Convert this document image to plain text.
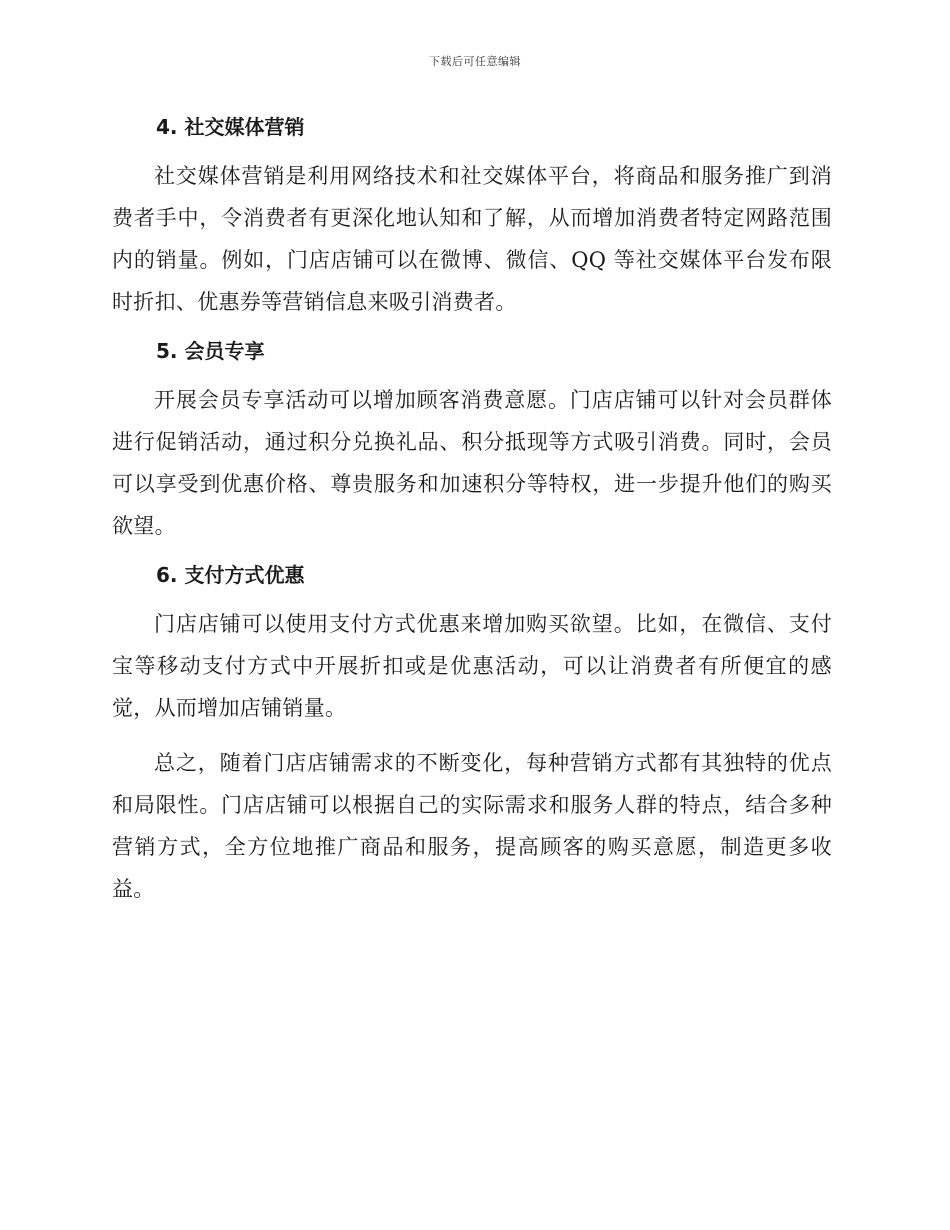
下载后可任意编辑
4. 社交媒体营销

社交媒体营销是利用网络技术和社交媒体平台，将商品和服务推广到消费者手中，令消费者有更深化地认知和了解，从而增加消费者特定网路范围内的销量。例如，门店店铺可以在微博、微信、QQ 等社交媒体平台发布限时折扣、优惠券等营销信息来吸引消费者。

5. 会员专享

开展会员专享活动可以增加顾客消费意愿。门店店铺可以针对会员群体进行促销活动，通过积分兑换礼品、积分抵现等方式吸引消费。同时，会员可以享受到优惠价格、尊贵服务和加速积分等特权，进一步提升他们的购买欲望。

6. 支付方式优惠

门店店铺可以使用支付方式优惠来增加购买欲望。比如，在微信、支付宝等移动支付方式中开展折扣或是优惠活动，可以让消费者有所便宜的感觉，从而增加店铺销量。

总之，随着门店店铺需求的不断变化，每种营销方式都有其独特的优点和局限性。门店店铺可以根据自己的实际需求和服务人群的特点，结合多种营销方式，全方位地推广商品和服务，提高顾客的购买意愿，制造更多收益。
